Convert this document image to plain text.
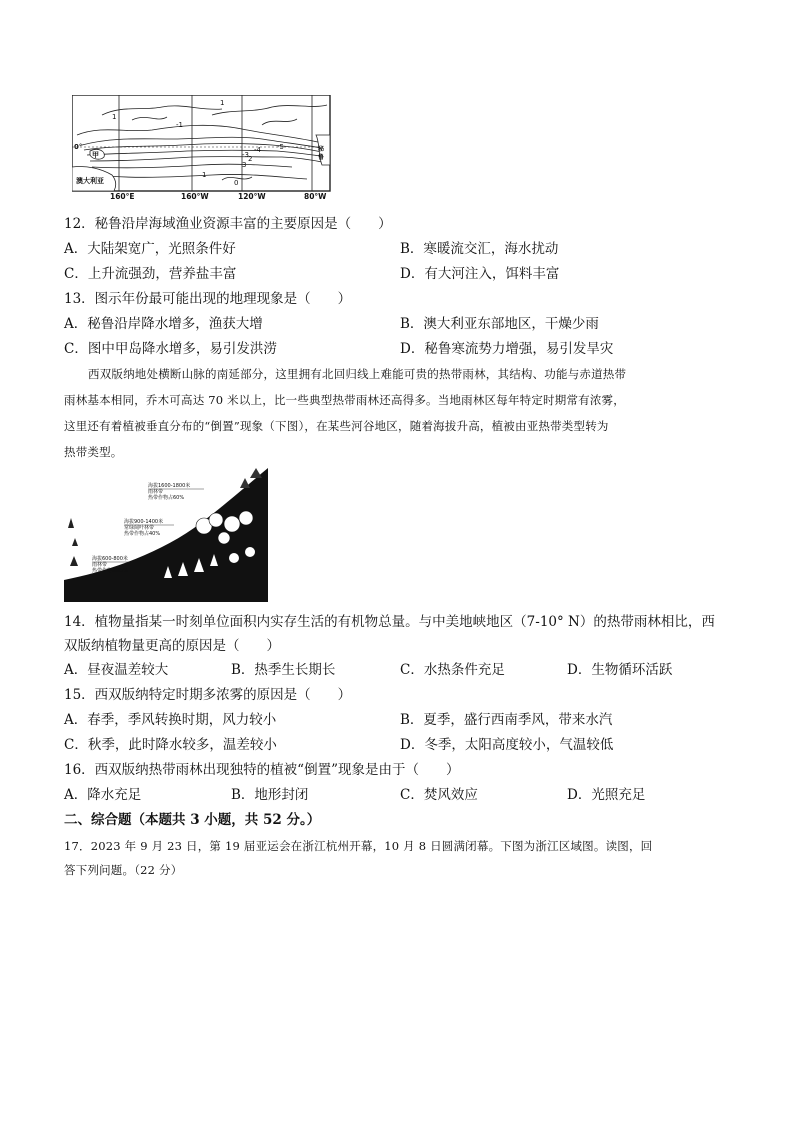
-1
-3
-4 -5
1
1
0
1
3
2
0°
甲
澳大利亚
秘
鲁
160°E	160°W	120°W	80°W
12．秘鲁沿岸海域渔业资源丰富的主要原因是（　　）
A．大陆架宽广，光照条件好	B．寒暖流交汇，海水扰动
C．上升流强劲，营养盐丰富	D．有大河注入，饵料丰富
13．图示年份最可能出现的地理现象是（　　）
A．秘鲁沿岸降水增多，渔获大增	B．澳大利亚东部地区，干燥少雨
C．图中甲岛降水增多，易引发洪涝	D．秘鲁寒流势力增强，易引发旱灾
西双版纳地处横断山脉的南延部分，这里拥有北回归线上难能可贵的热带雨林，其结构、功能与赤道热带
雨林基本相同，乔木可高达 70 米以上，比一些典型热带雨林还高得多。当地雨林区每年特定时期常有浓雾，
这里还有着植被垂直分布的“倒置”现象（下图），在某些河谷地区，随着海拔升高，植被由亚热带类型转为
热带类型。
海拔1600-1800米
雨林带
热带作物占60%
海拔900-1400米
常绿阔叶林带
热带作物占40%
海拔600-800米
雨林带
热带作物占85%
14．植物量指某一时刻单位面积内实存生活的有机物总量。与中美地峡地区（7-10° N）的热带雨林相比，西
双版纳植物量更高的原因是（　　）
A．昼夜温差较大	B．热季生长期长	C．水热条件充足	D．生物循环活跃
15．西双版纳特定时期多浓雾的原因是（　　）
A．春季，季风转换时期，风力较小	B．夏季，盛行西南季风，带来水汽
C．秋季，此时降水较多，温差较小	D．冬季，太阳高度较小，气温较低
16．西双版纳热带雨林出现独特的植被“倒置”现象是由于（　　）
A．降水充足	B．地形封闭	C．焚风效应	D．光照充足
二、综合题（本题共 3 小题，共 52 分。）
17．2023 年 9 月 23 日，第 19 届亚运会在浙江杭州开幕，10 月 8 日圆满闭幕。下图为浙江区域图。读图，回
答下列问题。（22 分）
